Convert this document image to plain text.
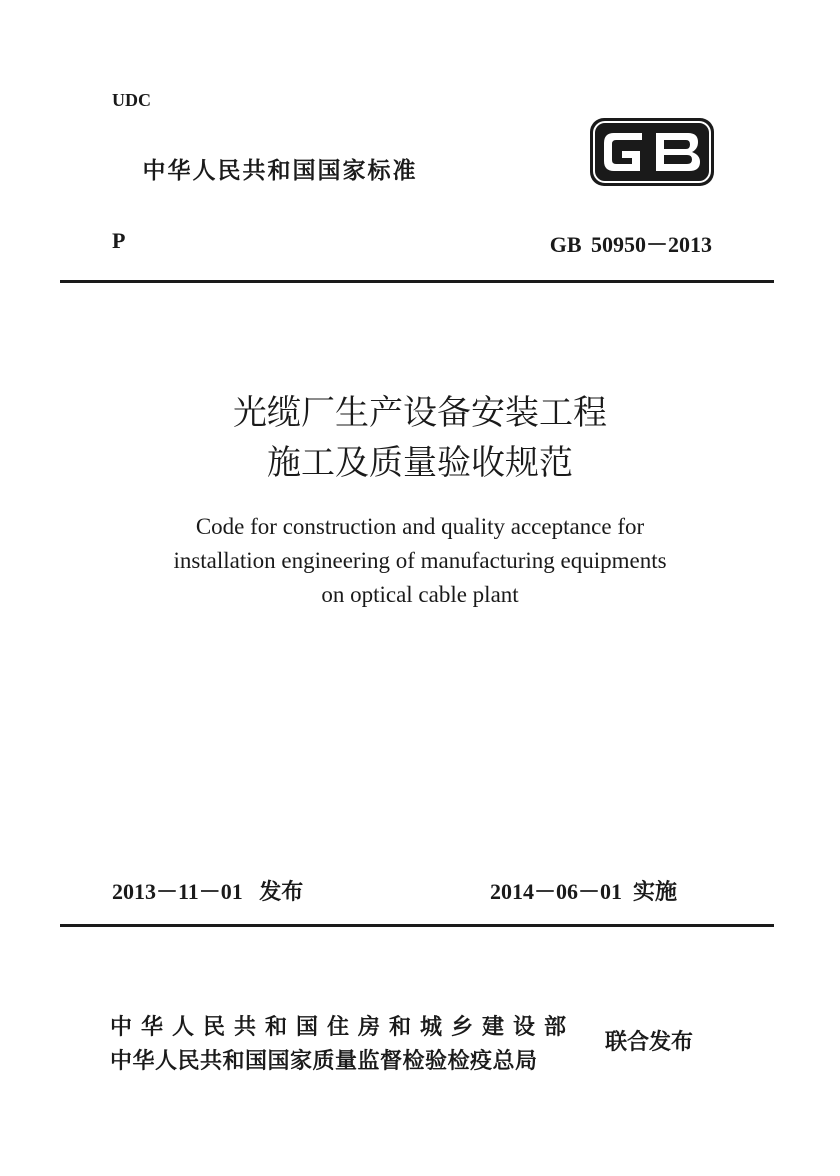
UDC
中华人民共和国国家标准
P	GB 50950－2013
光缆厂生产设备安装工程
施工及质量验收规范
Code for construction and quality acceptance for
installation engineering of manufacturing equipments
on optical cable plant
2013－11－01   发布	2014－06－01  实施
中华人民共和国住房和城乡建设部
中华人民共和国国家质量监督检验检疫总局
联合发布
